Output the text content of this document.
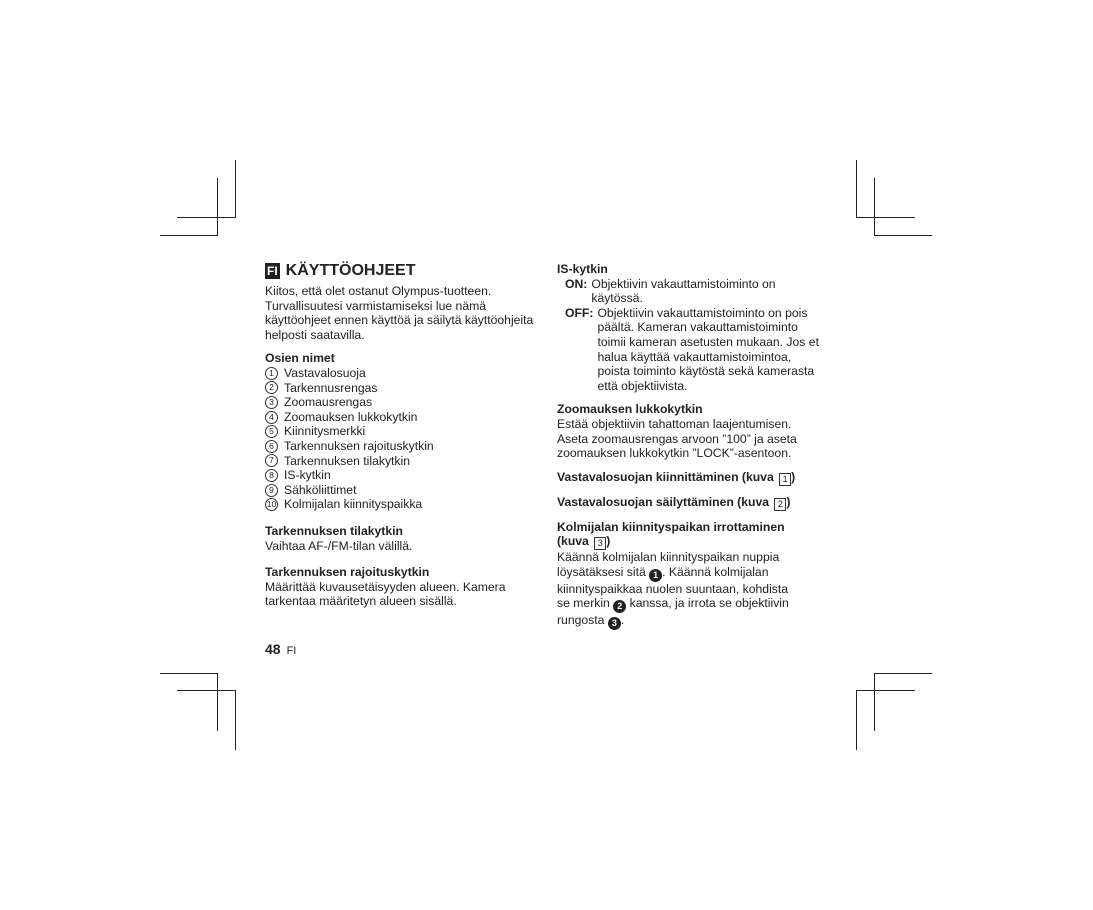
FI KÄYTTÖOHJEET

Kiitos, että olet ostanut Olympus-tuotteen. Turvallisuutesi varmistamiseksi lue nämä käyttöohjeet ennen käyttöä ja säilytä käyttöohjeita helposti saatavilla.

Osien nimet
1 Vastavalosuoja
2 Tarkennusrengas
3 Zoomausrengas
4 Zoomauksen lukkokytkin
5 Kiinnitysmerkki
6 Tarkennuksen rajoituskytkin
7 Tarkennuksen tilakytkin
8 IS-kytkin
9 Sähköliittimet
10 Kolmijalan kiinnityspaikka
Tarkennuksen tilakytkin

Vaihtaa AF-/FM-tilan välillä.

Tarkennuksen rajoituskytkin

Määrittää kuvausetäisyyden alueen. Kamera tarkentaa määritetyn alueen sisällä.

IS-kytkin
ON: Objektiivin vakauttamistoiminto on käytössä.
OFF: Objektiivin vakauttamistoiminto on pois päältä. Kameran vakauttamistoiminto toimii kameran asetusten mukaan. Jos et halua käyttää vakauttamistoimintoa, poista toiminto käytöstä sekä kamerasta että objektiivista.
Zoomauksen lukkokytkin

Estää objektiivin tahattoman laajentumisen. Aseta zoomausrengas arvoon ”100” ja aseta zoomauksen lukkokytkin ”LOCK”-asentoon.

Vastavalosuojan kiinnittäminen (kuva 1 )
Vastavalosuojan säilyttäminen (kuva 2 )
Kolmijalan kiinnityspaikan irrottaminen (kuva 3 )

Käännä kolmijalan kiinnityspaikan nuppia löysätäksesi sitä 1 . Käännä kolmijalan kiinnityspaikkaa nuolen suuntaan, kohdista se merkin 2 kanssa, ja irrota se objektiivin rungosta 3 .

48 FI
